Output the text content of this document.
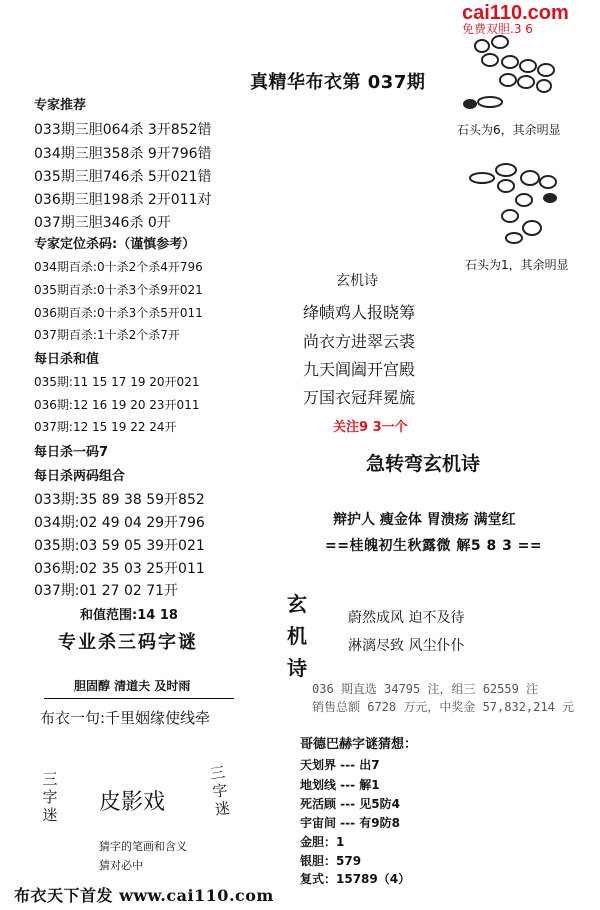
cai110.com
免费双胆.3 6
真精华布衣第 037期
专家推荐
033期三胆064杀 3开852错
034期三胆358杀 9开796错
035期三胆746杀 5开021错
036期三胆198杀 2开011对
037期三胆346杀 0开
专家定位杀码:（谨慎参考）
034期百杀:0十杀2个杀4开796
035期百杀:0十杀3个杀9开021
036期百杀:0十杀3个杀5开011
037期百杀:1十杀2个杀7开
每日杀和值
035期:11 15 17 19 20开021
036期:12 16 19 20 23开011
037期:12 15 19 22 24开
每日杀一码7
每日杀两码组合
033期:35 89 38 59开852
034期:02 49 04 29开796
035期:03 59 05 39开021
036期:02 35 03 25开011
037期:01 27 02 71开
和值范围:14 18
专业杀三码字谜
胆固醇 清道夫 及时雨
布衣一句:千里姻缘使线牵
三
字
迷
三
字
迷
皮影戏
猜字的笔画和含义
猜对必中
石头为6，其余明显
石头为1，其余明显
玄机诗
绛帻鸡人报晓筹
尚衣方进翠云裘
九天阊阖开宫殿
万国衣冠拜冕旒
关注9 3一个
急转弯玄机诗
辩护人 瘦金体 胃溃疡 满堂红
==桂魄初生秋露微 解5 8 3 ==
玄
机
诗
蔚然成风 迫不及待
淋漓尽致 风尘仆仆
036 期直选 34795 注，组三 62559 注
销售总额 6728 万元，中奖金 57,832,214 元
哥德巴赫字谜猜想：
天划界 --- 出7
地划线 --- 解1
死活顾 --- 见5防4
宇宙间 --- 有9防8
金胆：1
银胆：579
复式：15789（4）
布衣天下首发 www.cai110.com
